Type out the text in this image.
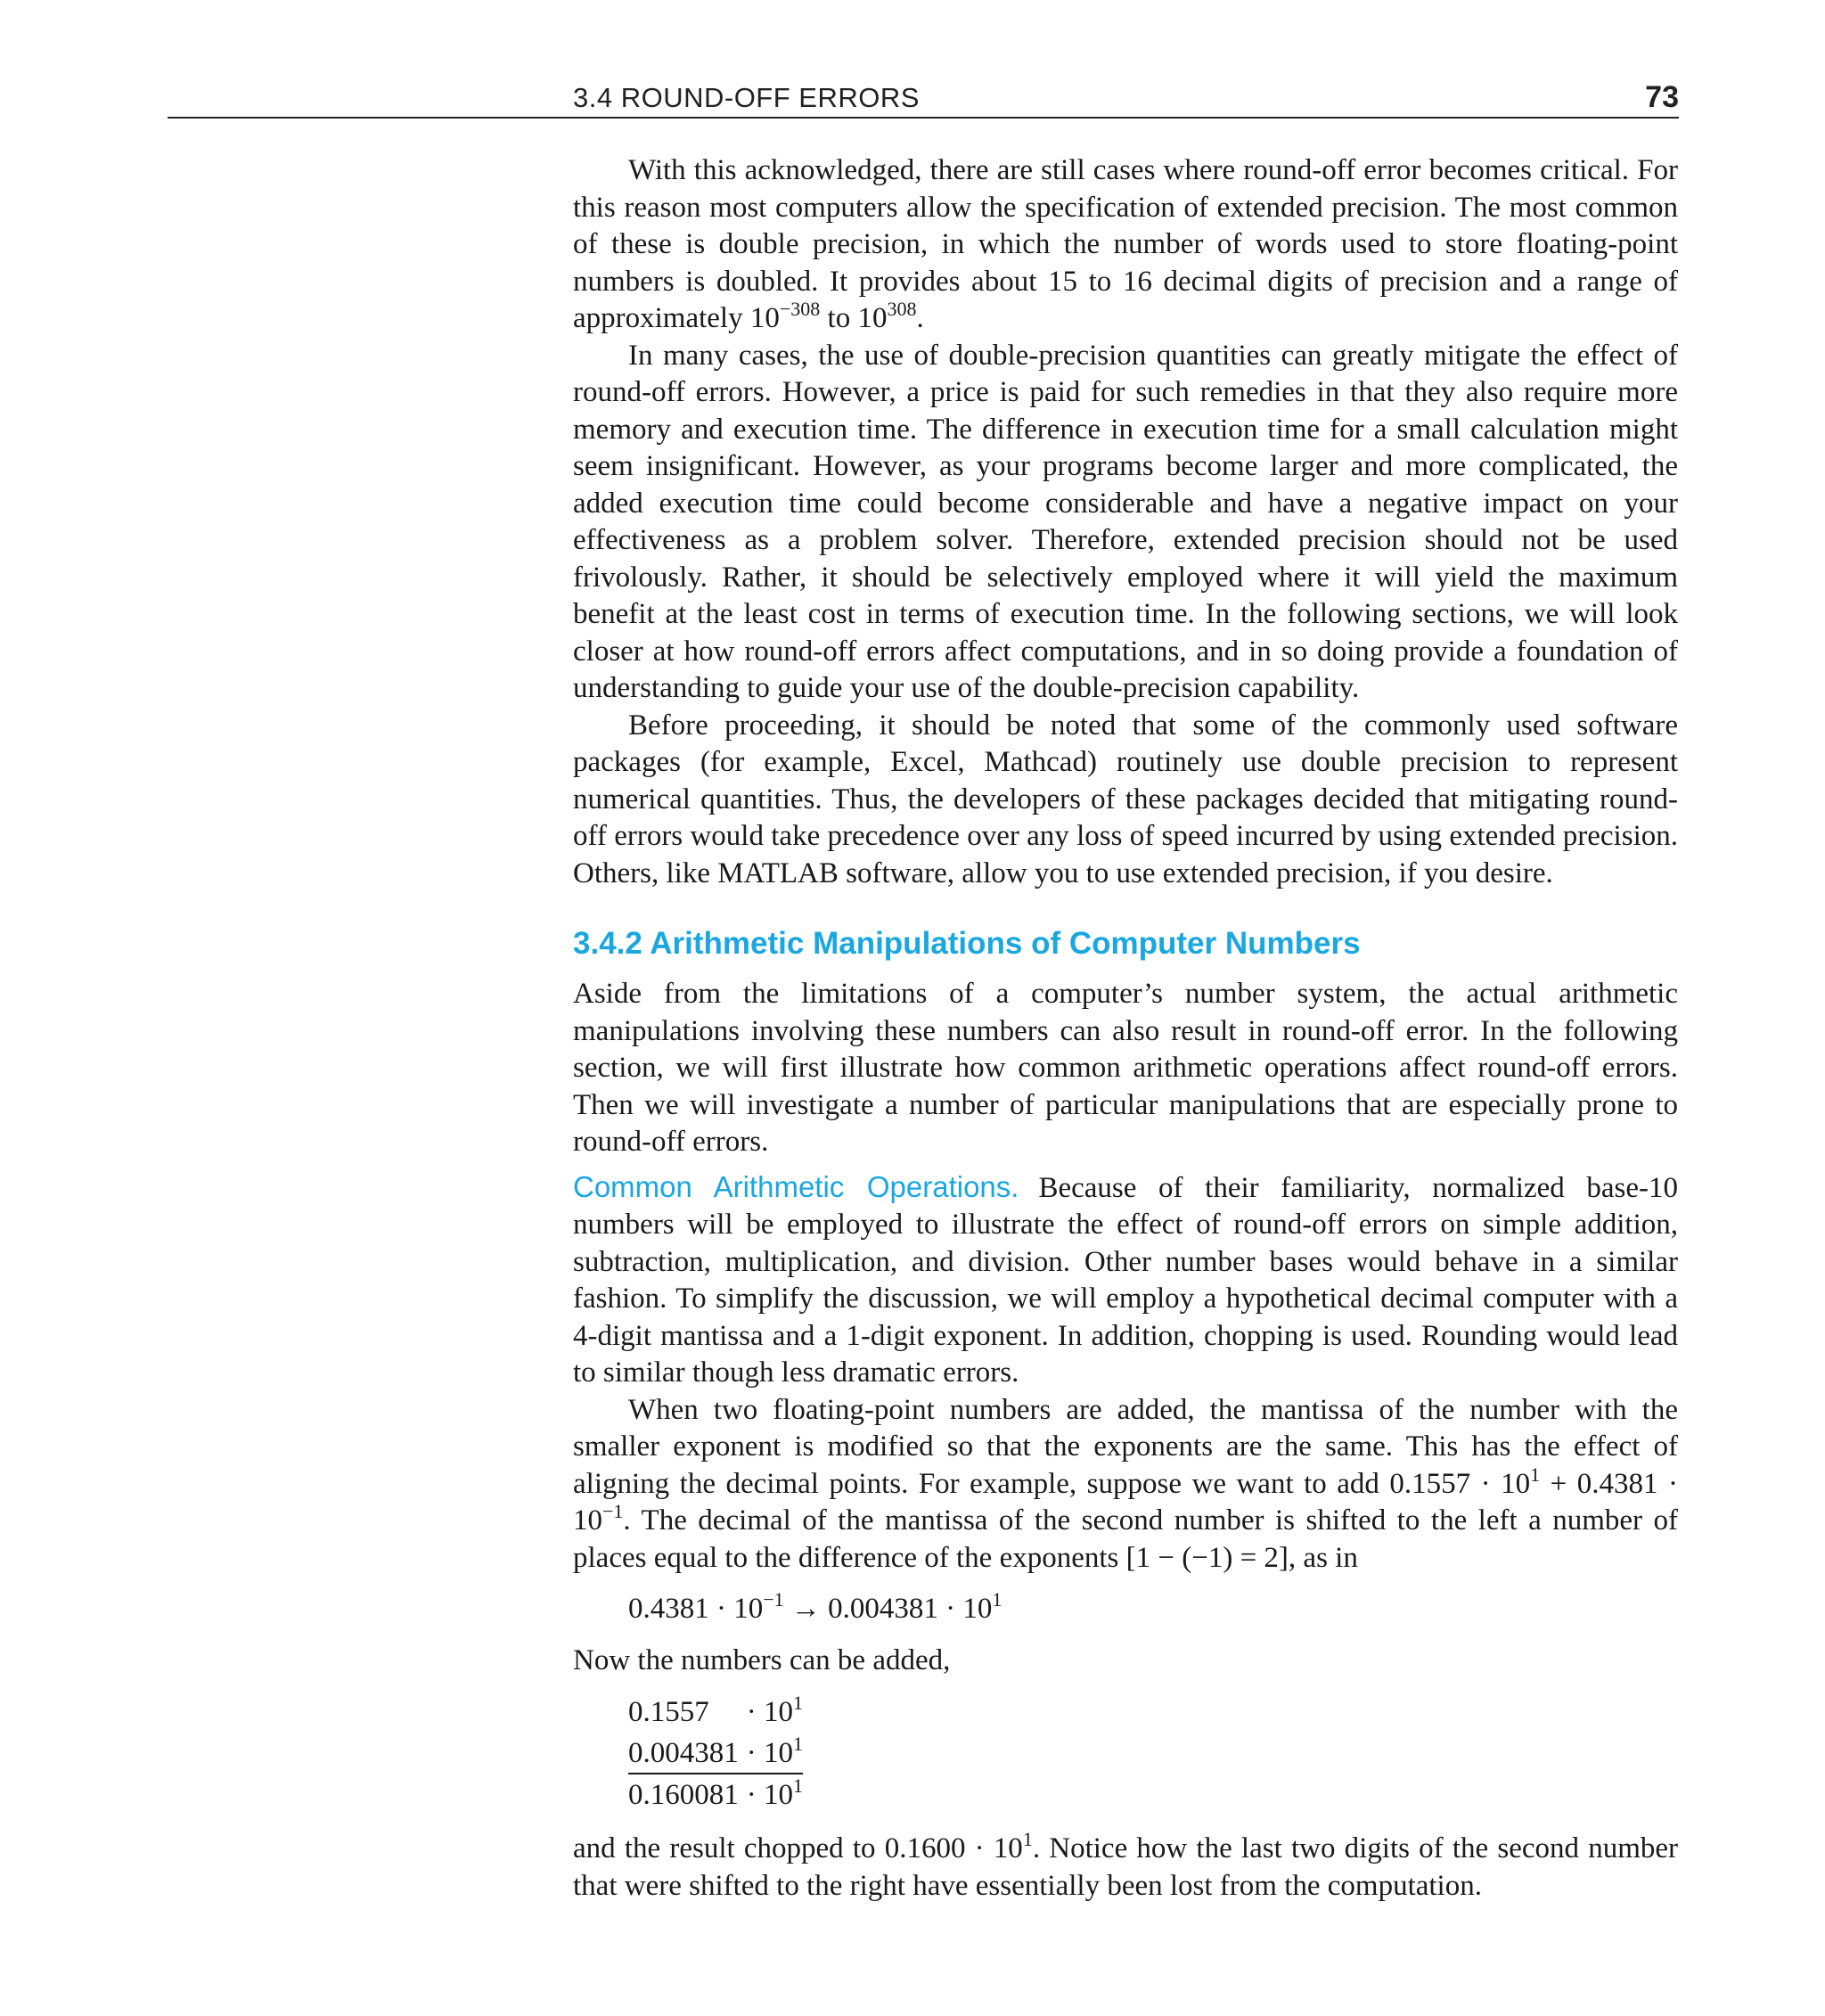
3.4 ROUND-OFF ERRORS	73

With this acknowledged, there are still cases where round-off error becomes critical. For this reason most computers allow the specification of extended precision. The most common of these is double precision, in which the number of words used to store floating-point numbers is doubled. It provides about 15 to 16 decimal digits of precision and a range of approximately $10^{-308}$ to $10^{308}$.

In many cases, the use of double-precision quantities can greatly mitigate the effect of round-off errors. However, a price is paid for such remedies in that they also require more memory and execution time. The difference in execution time for a small calculation might seem insignificant. However, as your programs become larger and more complicated, the added execution time could become considerable and have a negative impact on your effectiveness as a problem solver. Therefore, extended precision should not be used frivolously. Rather, it should be selectively employed where it will yield the maximum benefit at the least cost in terms of execution time. In the following sections, we will look closer at how round-off errors affect computations, and in so doing provide a foundation of understanding to guide your use of the double-precision capability.

Before proceeding, it should be noted that some of the commonly used software packages (for example, Excel, Mathcad) routinely use double precision to represent numerical quantities. Thus, the developers of these packages decided that mitigating round-off errors would take precedence over any loss of speed incurred by using extended precision. Others, like MATLAB software, allow you to use extended precision, if you desire.

3.4.2 Arithmetic Manipulations of Computer Numbers

Aside from the limitations of a computer’s number system, the actual arithmetic manipulations involving these numbers can also result in round-off error. In the following section, we will first illustrate how common arithmetic operations affect round-off errors. Then we will investigate a number of particular manipulations that are especially prone to round-off errors.

Common Arithmetic Operations. Because of their familiarity, normalized base-10 numbers will be employed to illustrate the effect of round-off errors on simple addition, subtraction, multiplication, and division. Other number bases would behave in a similar fashion. To simplify the discussion, we will employ a hypothetical decimal computer with a 4-digit mantissa and a 1-digit exponent. In addition, chopping is used. Rounding would lead to similar though less dramatic errors.

When two floating-point numbers are added, the mantissa of the number with the smaller exponent is modified so that the exponents are the same. This has the effect of aligning the decimal points. For example, suppose we want to add $0.1557 \cdot 10^1 + 0.4381 \cdot 10^{-1}$. The decimal of the mantissa of the second number is shifted to the left a number of places equal to the difference of the exponents [1 − (−1) = 2], as in

$0.4381 \cdot 10^{-1} \to 0.004381 \cdot 10^1$

Now the numbers can be added,

$0.1557 \cdot 10^1$
$0.004381 \cdot 10^1$
$0.160081 \cdot 10^1$

and the result chopped to $0.1600 \cdot 10^1$. Notice how the last two digits of the second number that were shifted to the right have essentially been lost from the computation.
